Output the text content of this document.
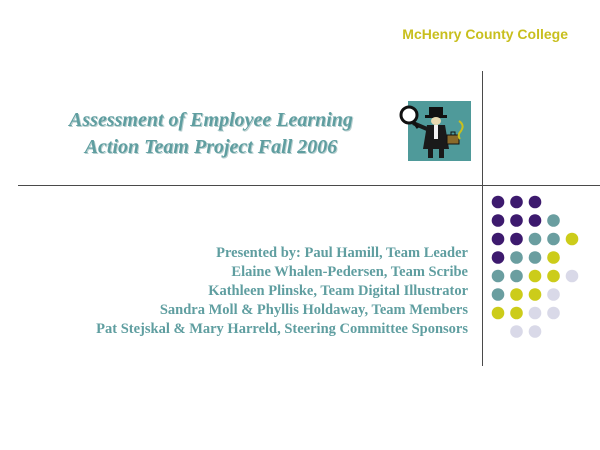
McHenry County College
Assessment of Employee Learning
Action Team Project Fall 2006
Presented by: Paul Hamill, Team Leader
Elaine Whalen-Pedersen, Team Scribe
Kathleen Plinske, Team Digital Illustrator
Sandra Moll & Phyllis Holdaway, Team Members
Pat Stejskal & Mary Harreld, Steering Committee Sponsors
